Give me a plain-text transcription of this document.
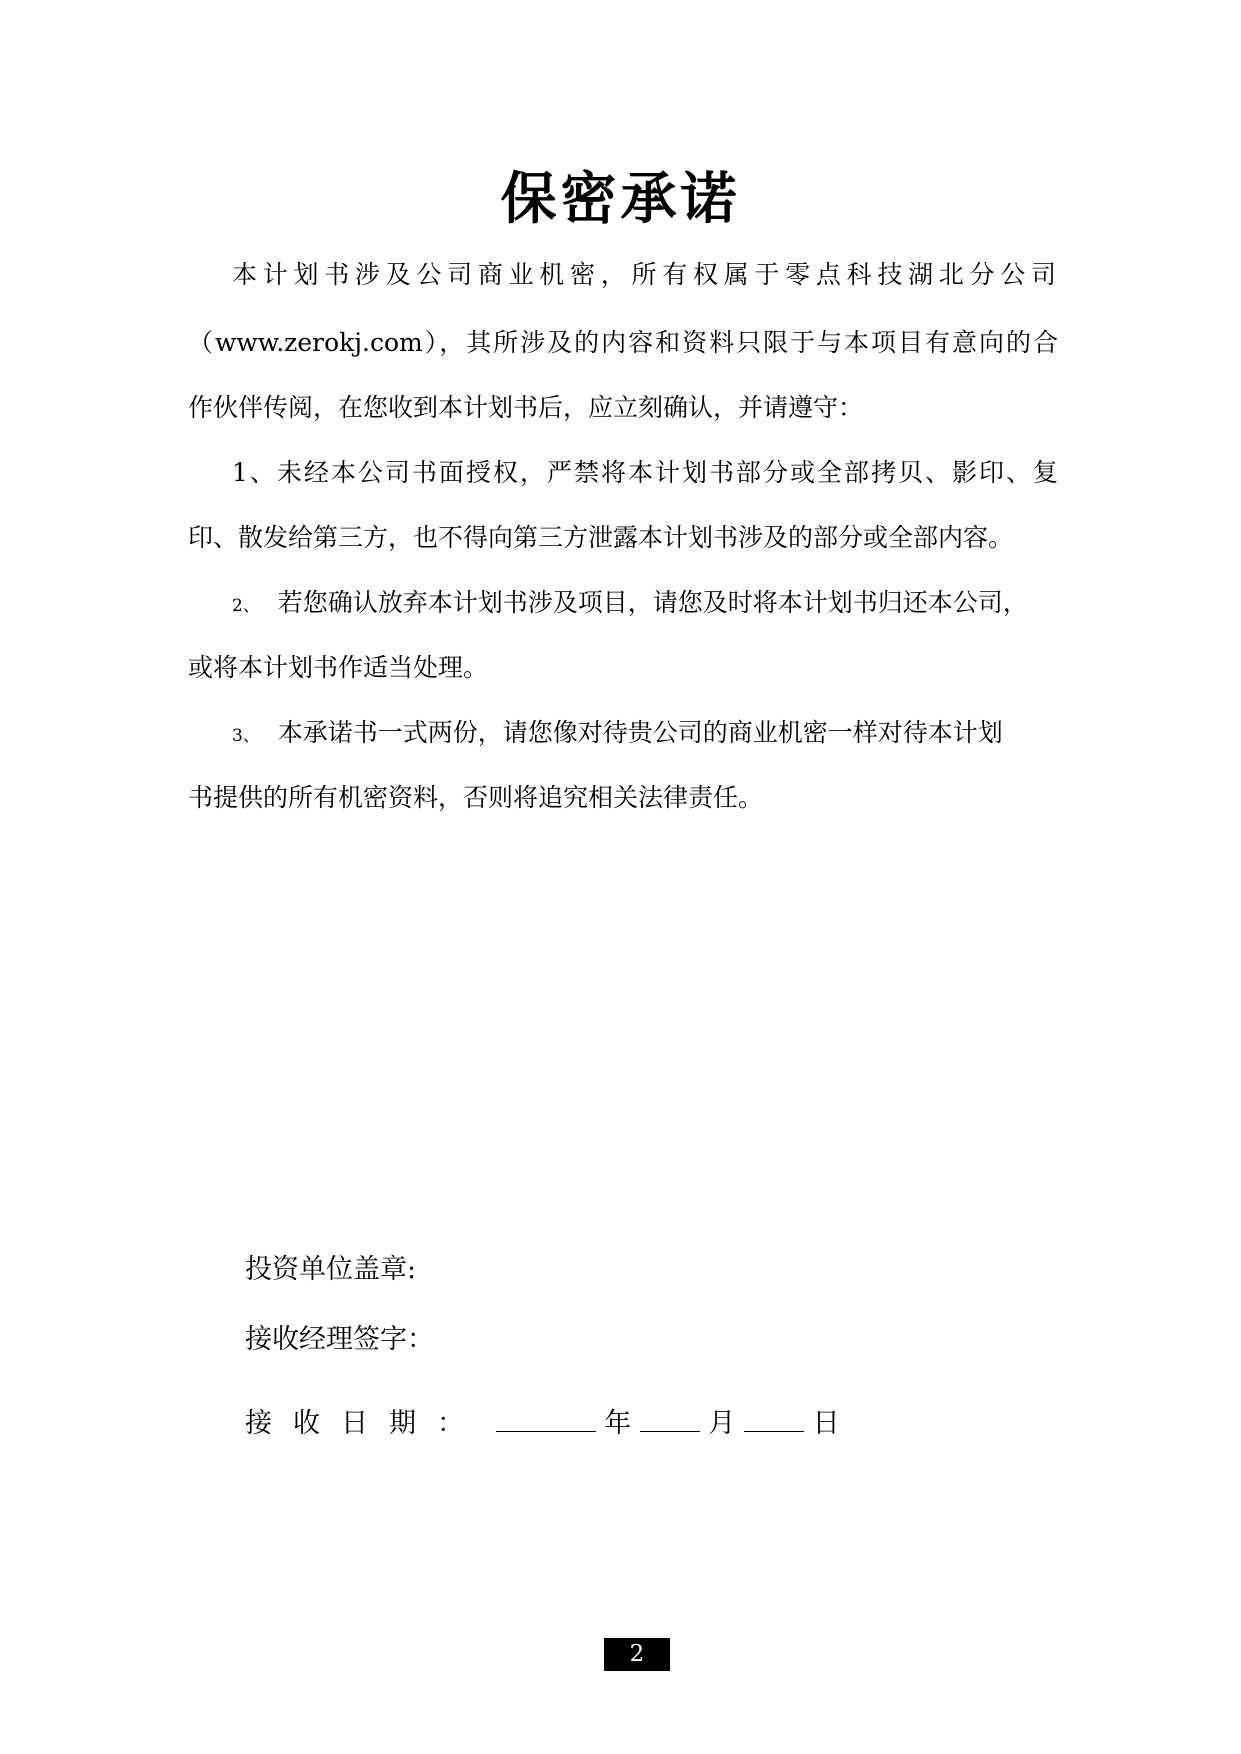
保密承诺
本计划书涉及公司商业机密，所有权属于零点科技湖北分公司
（www.zerokj.com），其所涉及的内容和资料只限于与本项目有意向的合
作伙伴传阅，在您收到本计划书后，应立刻确认，并请遵守：
1、未经本公司书面授权，严禁将本计划书部分或全部拷贝、影印、复
印、散发给第三方，也不得向第三方泄露本计划书涉及的部分或全部内容。
2、 若您确认放弃本计划书涉及项目，请您及时将本计划书归还本公司，
或将本计划书作适当处理。
3、 本承诺书一式两份，请您像对待贵公司的商业机密一样对待本计划
书提供的所有机密资料，否则将追究相关法律责任。
投资单位盖章:
接收经理签字：
接收日期：	年	月	日
2
